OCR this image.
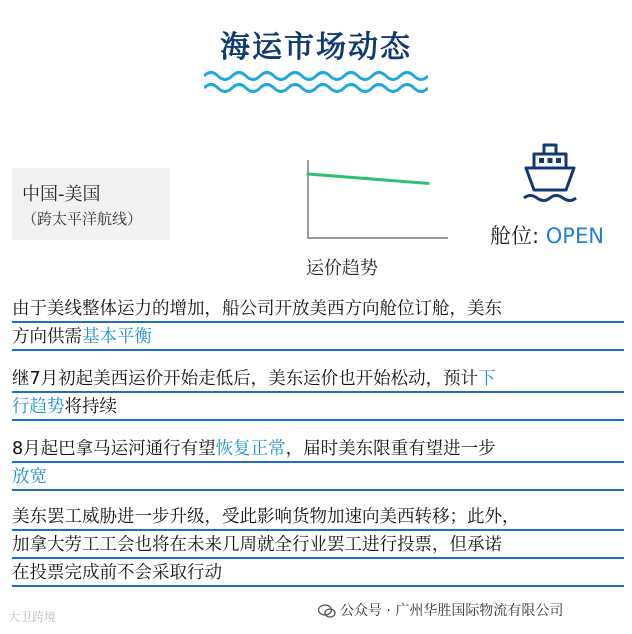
海运市场动态
中国-美国
（跨太平洋航线）
运价趋势
舱位: OPEN
由于美线整体运力的增加，船公司开放美西方向舱位订舱，美东
方向供需基本平衡
继7月初起美西运价开始走低后，美东运价也开始松动，预计下
行趋势将持续
8月起巴拿马运河通行有望恢复正常，届时美东限重有望进一步
放宽
美东罢工威胁进一步升级，受此影响货物加速向美西转移；此外，
加拿大劳工工会也将在未来几周就全行业罢工进行投票，但承诺
在投票完成前不会采取行动
公众号 · 广州华胜国际物流有限公司
大卫跨境
